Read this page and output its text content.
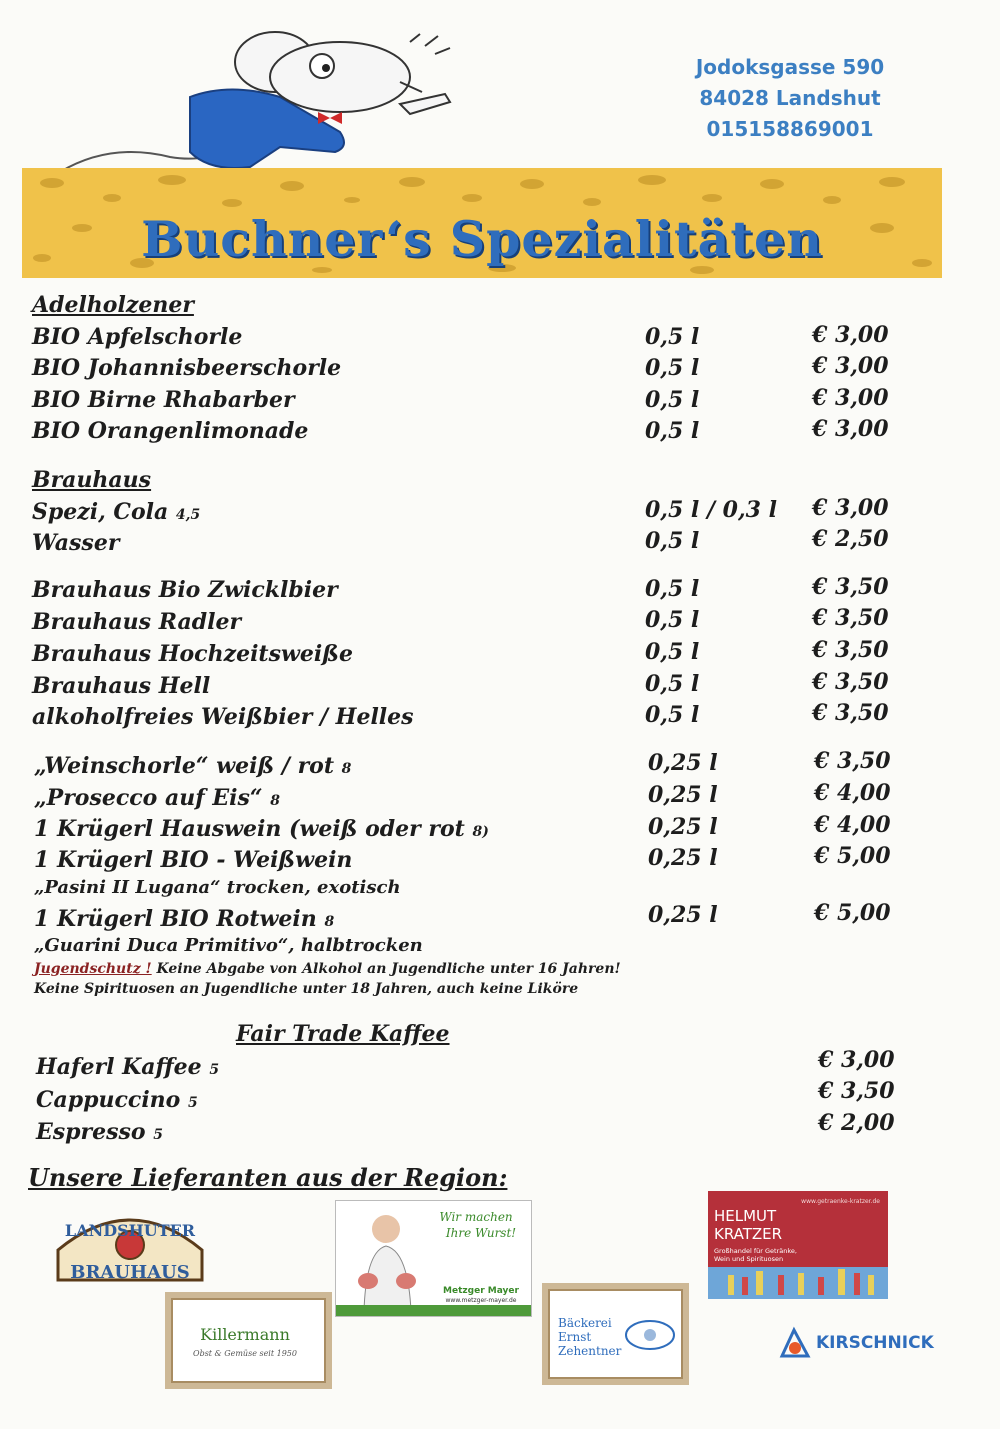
Jodoksgasse 590
84028 Landshut
015158869001
Buchner‘s Spezialitäten
Adelholzener
BIO Apfelschorle	0,5 l	€ 3,00
BIO Johannisbeerschorle	0,5 l	€ 3,00
BIO Birne Rhabarber	0,5 l	€ 3,00
BIO Orangenlimonade	0,5 l	€ 3,00
Brauhaus
Spezi, Cola 4,5	0,5 l / 0,3 l € 3,00
Wasser	0,5 l	€ 2,50
Brauhaus Bio Zwicklbier	0,5 l	€ 3,50
Brauhaus Radler	0,5 l	€ 3,50
Brauhaus Hochzeitsweiße	0,5 l	€ 3,50
Brauhaus Hell	0,5 l	€ 3,50
alkoholfreies Weißbier / Helles	0,5 l	€ 3,50
„Weinschorle“ weiß / rot 8	0,25 l	€ 3,50
„Prosecco auf Eis“ 8	0,25 l	€ 4,00
1 Krügerl Hauswein (weiß oder rot 8)	0,25 l	€ 4,00
1 Krügerl BIO - Weißwein	0,25 l	€ 5,00
„Pasini II Lugana“ trocken, exotisch
1 Krügerl BIO Rotwein 8	0,25 l	€ 5,00
„Guarini Duca Primitivo“, halbtrocken
Jugendschutz ! Keine Abgabe von Alkohol an Jugendliche unter 16 Jahren!
Keine Spirituosen an Jugendliche unter 18 Jahren, auch keine Liköre
Fair Trade Kaffee
Haferl Kaffee 5	€ 3,00
Cappuccino 5	€ 3,50
Espresso 5	€ 2,00
Unsere Lieferanten aus der Region:
LANDSHUTER
BRAUHAUS
Wir machen
Ihre Wurst!
Metzger Mayer
www.metzger-mayer.de
www.getraenke-kratzer.de
HELMUT
KRATZER
Großhandel für Getränke,
Wein und Spirituosen
Killermann
Obst & Gemüse seit 1950
Bäckerei
Ernst
Zehentner	KIRSCHNICK
